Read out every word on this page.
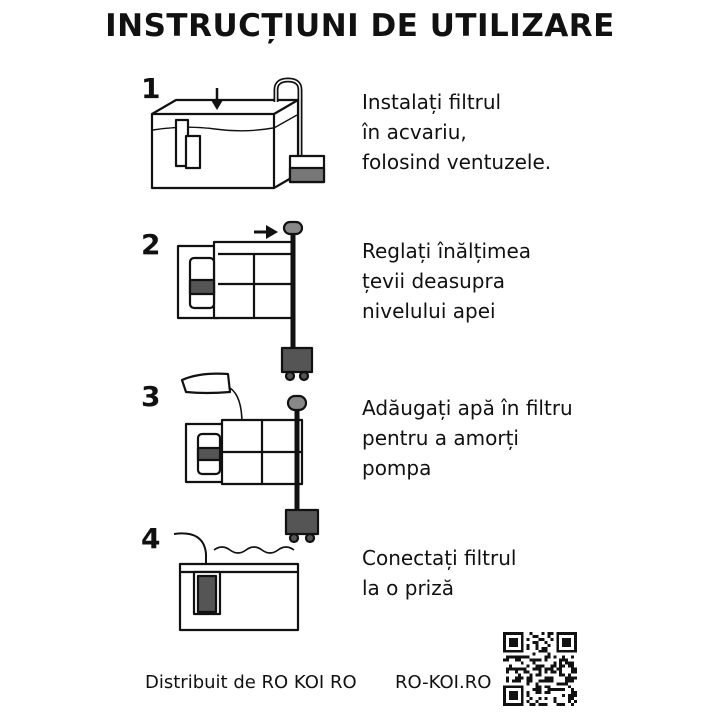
INSTRUCȚIUNI DE UTILIZARE
1	Instalați filtrul
în acvariu,
folosind ventuzele.
2	Reglați înălțimea
țevii deasupra
nivelului apei
3	Adăugați apă în filtru
pentru a amorți
pompa
4
Conectați filtrul
la o priză
Distribuit de RO KOI RO RO-KOI.RO
